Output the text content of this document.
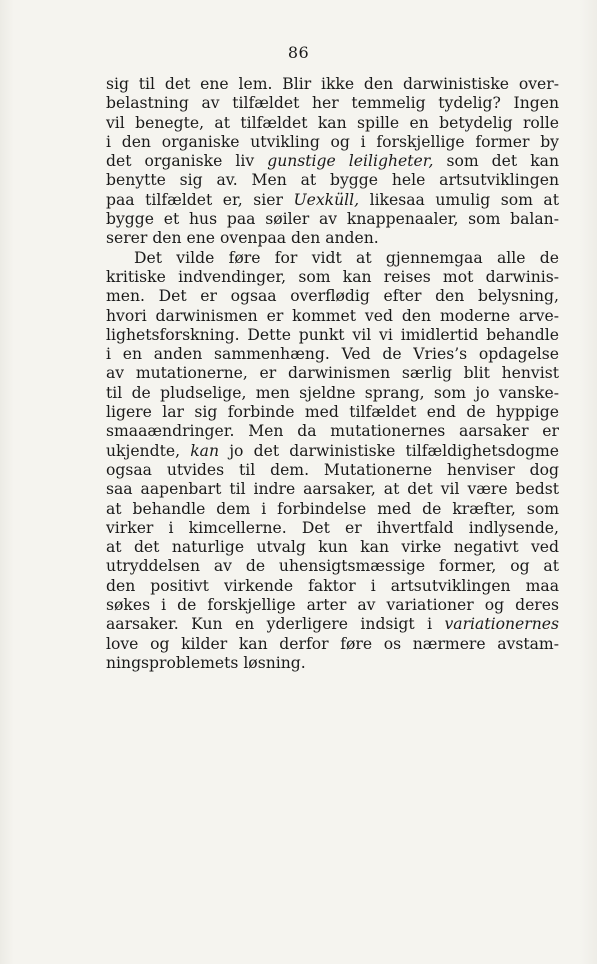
86
sig til det ene lem. Blir ikke den darwinistiske over-
belastning av tilfældet her temmelig tydelig? Ingen
vil benegte, at tilfældet kan spille en betydelig rolle
i den organiske utvikling og i forskjellige former by
det organiske liv gunstige leiligheter, som det kan
benytte sig av. Men at bygge hele artsutviklingen
paa tilfældet er, sier Uexküll, likesaa umulig som at
bygge et hus paa søiler av knappenaaler, som balan-
serer den ene ovenpaa den anden.
Det vilde føre for vidt at gjennemgaa alle de
kritiske indvendinger, som kan reises mot darwinis-
men. Det er ogsaa overflødig efter den belysning,
hvori darwinismen er kommet ved den moderne arve-
lighetsforskning. Dette punkt vil vi imidlertid behandle
i en anden sammenhæng. Ved de Vries’s opdagelse
av mutationerne, er darwinismen særlig blit henvist
til de pludselige, men sjeldne sprang, som jo vanske-
ligere lar sig forbinde med tilfældet end de hyppige
smaaændringer. Men da mutationernes aarsaker er
ukjendte, kan jo det darwinistiske tilfældighetsdogme
ogsaa utvides til dem. Mutationerne henviser dog
saa aapenbart til indre aarsaker, at det vil være bedst
at behandle dem i forbindelse med de kræfter, som
virker i kimcellerne. Det er ihvertfald indlysende,
at det naturlige utvalg kun kan virke negativt ved
utryddelsen av de uhensigtsmæssige former, og at
den positivt virkende faktor i artsutviklingen maa
søkes i de forskjellige arter av variationer og deres
aarsaker. Kun en yderligere indsigt i variationernes
love og kilder kan derfor føre os nærmere avstam-
ningsproblemets løsning.
